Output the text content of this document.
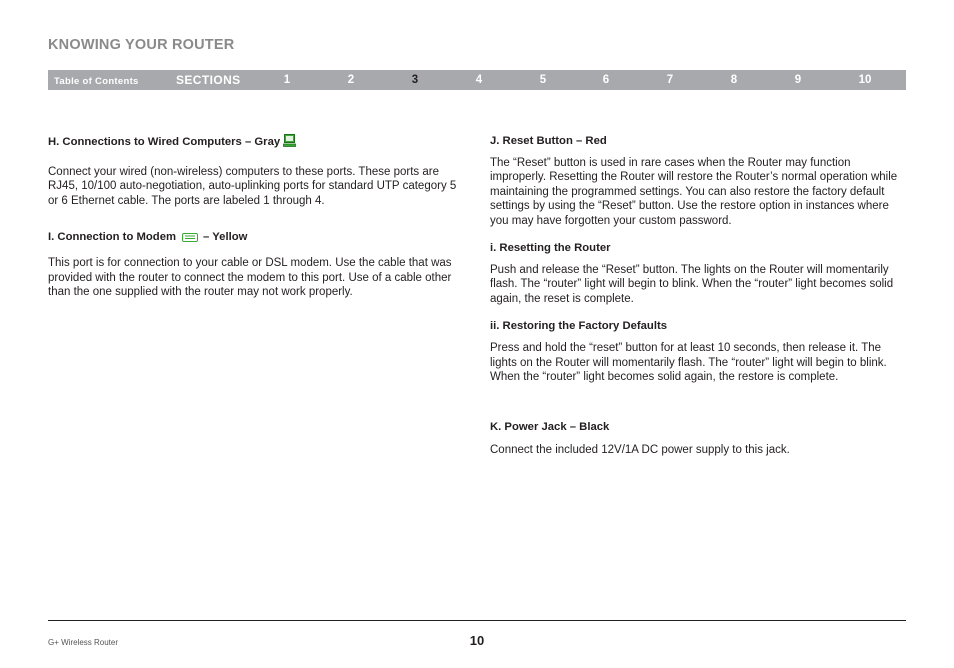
KNOWING YOUR ROUTER
Table of Contents	SECTIONS	1	2	3	4	5	6	7	8	9	10
H. Connections to Wired Computers – Gray

Connect your wired (non-wireless) computers to these ports. These ports are RJ45, 10/100 auto-negotiation, auto-uplinking ports for standard UTP category 5 or 6 Ethernet cable. The ports are labeled 1 through 4.

I. Connection to Modem – Yellow

This port is for connection to your cable or DSL modem. Use the cable that was provided with the router to connect the modem to this port. Use of a cable other than the one supplied with the router may not work properly.

J. Reset Button – Red

The “Reset” button is used in rare cases when the Router may function improperly. Resetting the Router will restore the Router’s normal operation while maintaining the programmed settings. You can also restore the factory default settings by using the “Reset” button. Use the restore option in instances where you may have forgotten your custom password.

i. Resetting the Router

Push and release the “Reset” button. The lights on the Router will momentarily flash. The “router” light will begin to blink. When the “router” light becomes solid again, the reset is complete.

ii. Restoring the Factory Defaults

Press and hold the “reset” button for at least 10 seconds, then release it. The lights on the Router will momentarily flash. The “router” light will begin to blink. When the “router” light becomes solid again, the restore is complete.

K. Power Jack – Black

Connect the included 12V/1A DC power supply to this jack.

G+ Wireless Router	10
